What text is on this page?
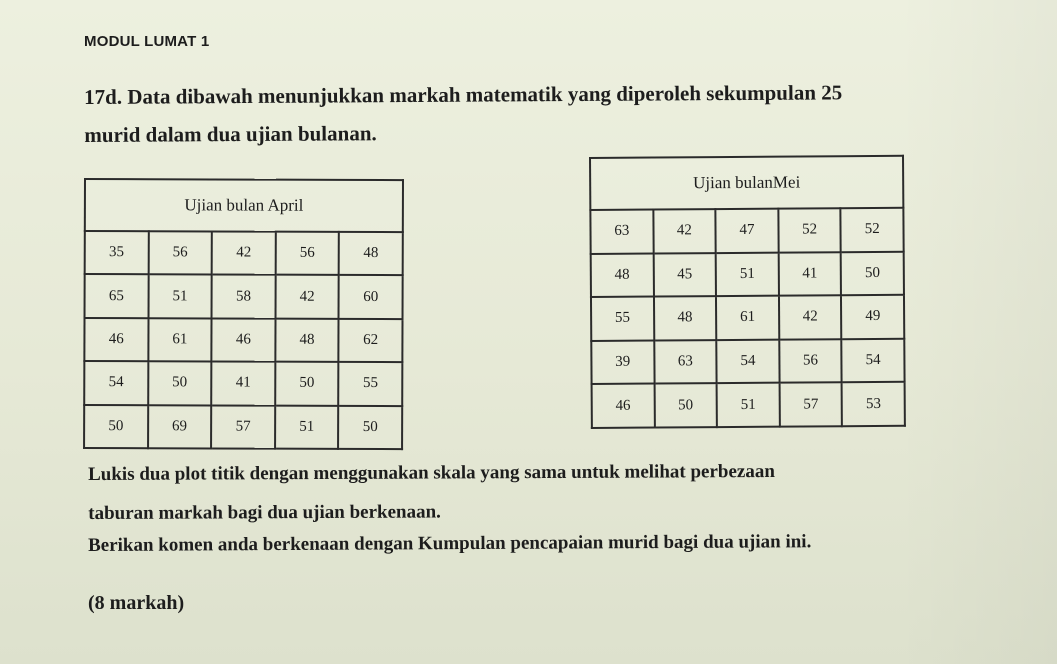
MODUL LUMAT 1
17d. Data dibawah menunjukkan markah matematik yang diperoleh sekumpulan 25
murid dalam dua ujian bulanan.
Ujian bulan April				
35	56	42	56	48
65	51	58	42	60
46	61	46	48	62
54	50	41	50	55
50	69	57	51	50
Ujian bulanMei				
63	42	47	52	52
48	45	51	41	50
55	48	61	42	49
39	63	54	56	54
46	50	51	57	53
Lukis dua plot titik dengan menggunakan skala yang sama untuk melihat perbezaan
taburan markah bagi dua ujian berkenaan.
Berikan komen anda berkenaan dengan Kumpulan pencapaian murid bagi dua ujian ini.
(8 markah)
